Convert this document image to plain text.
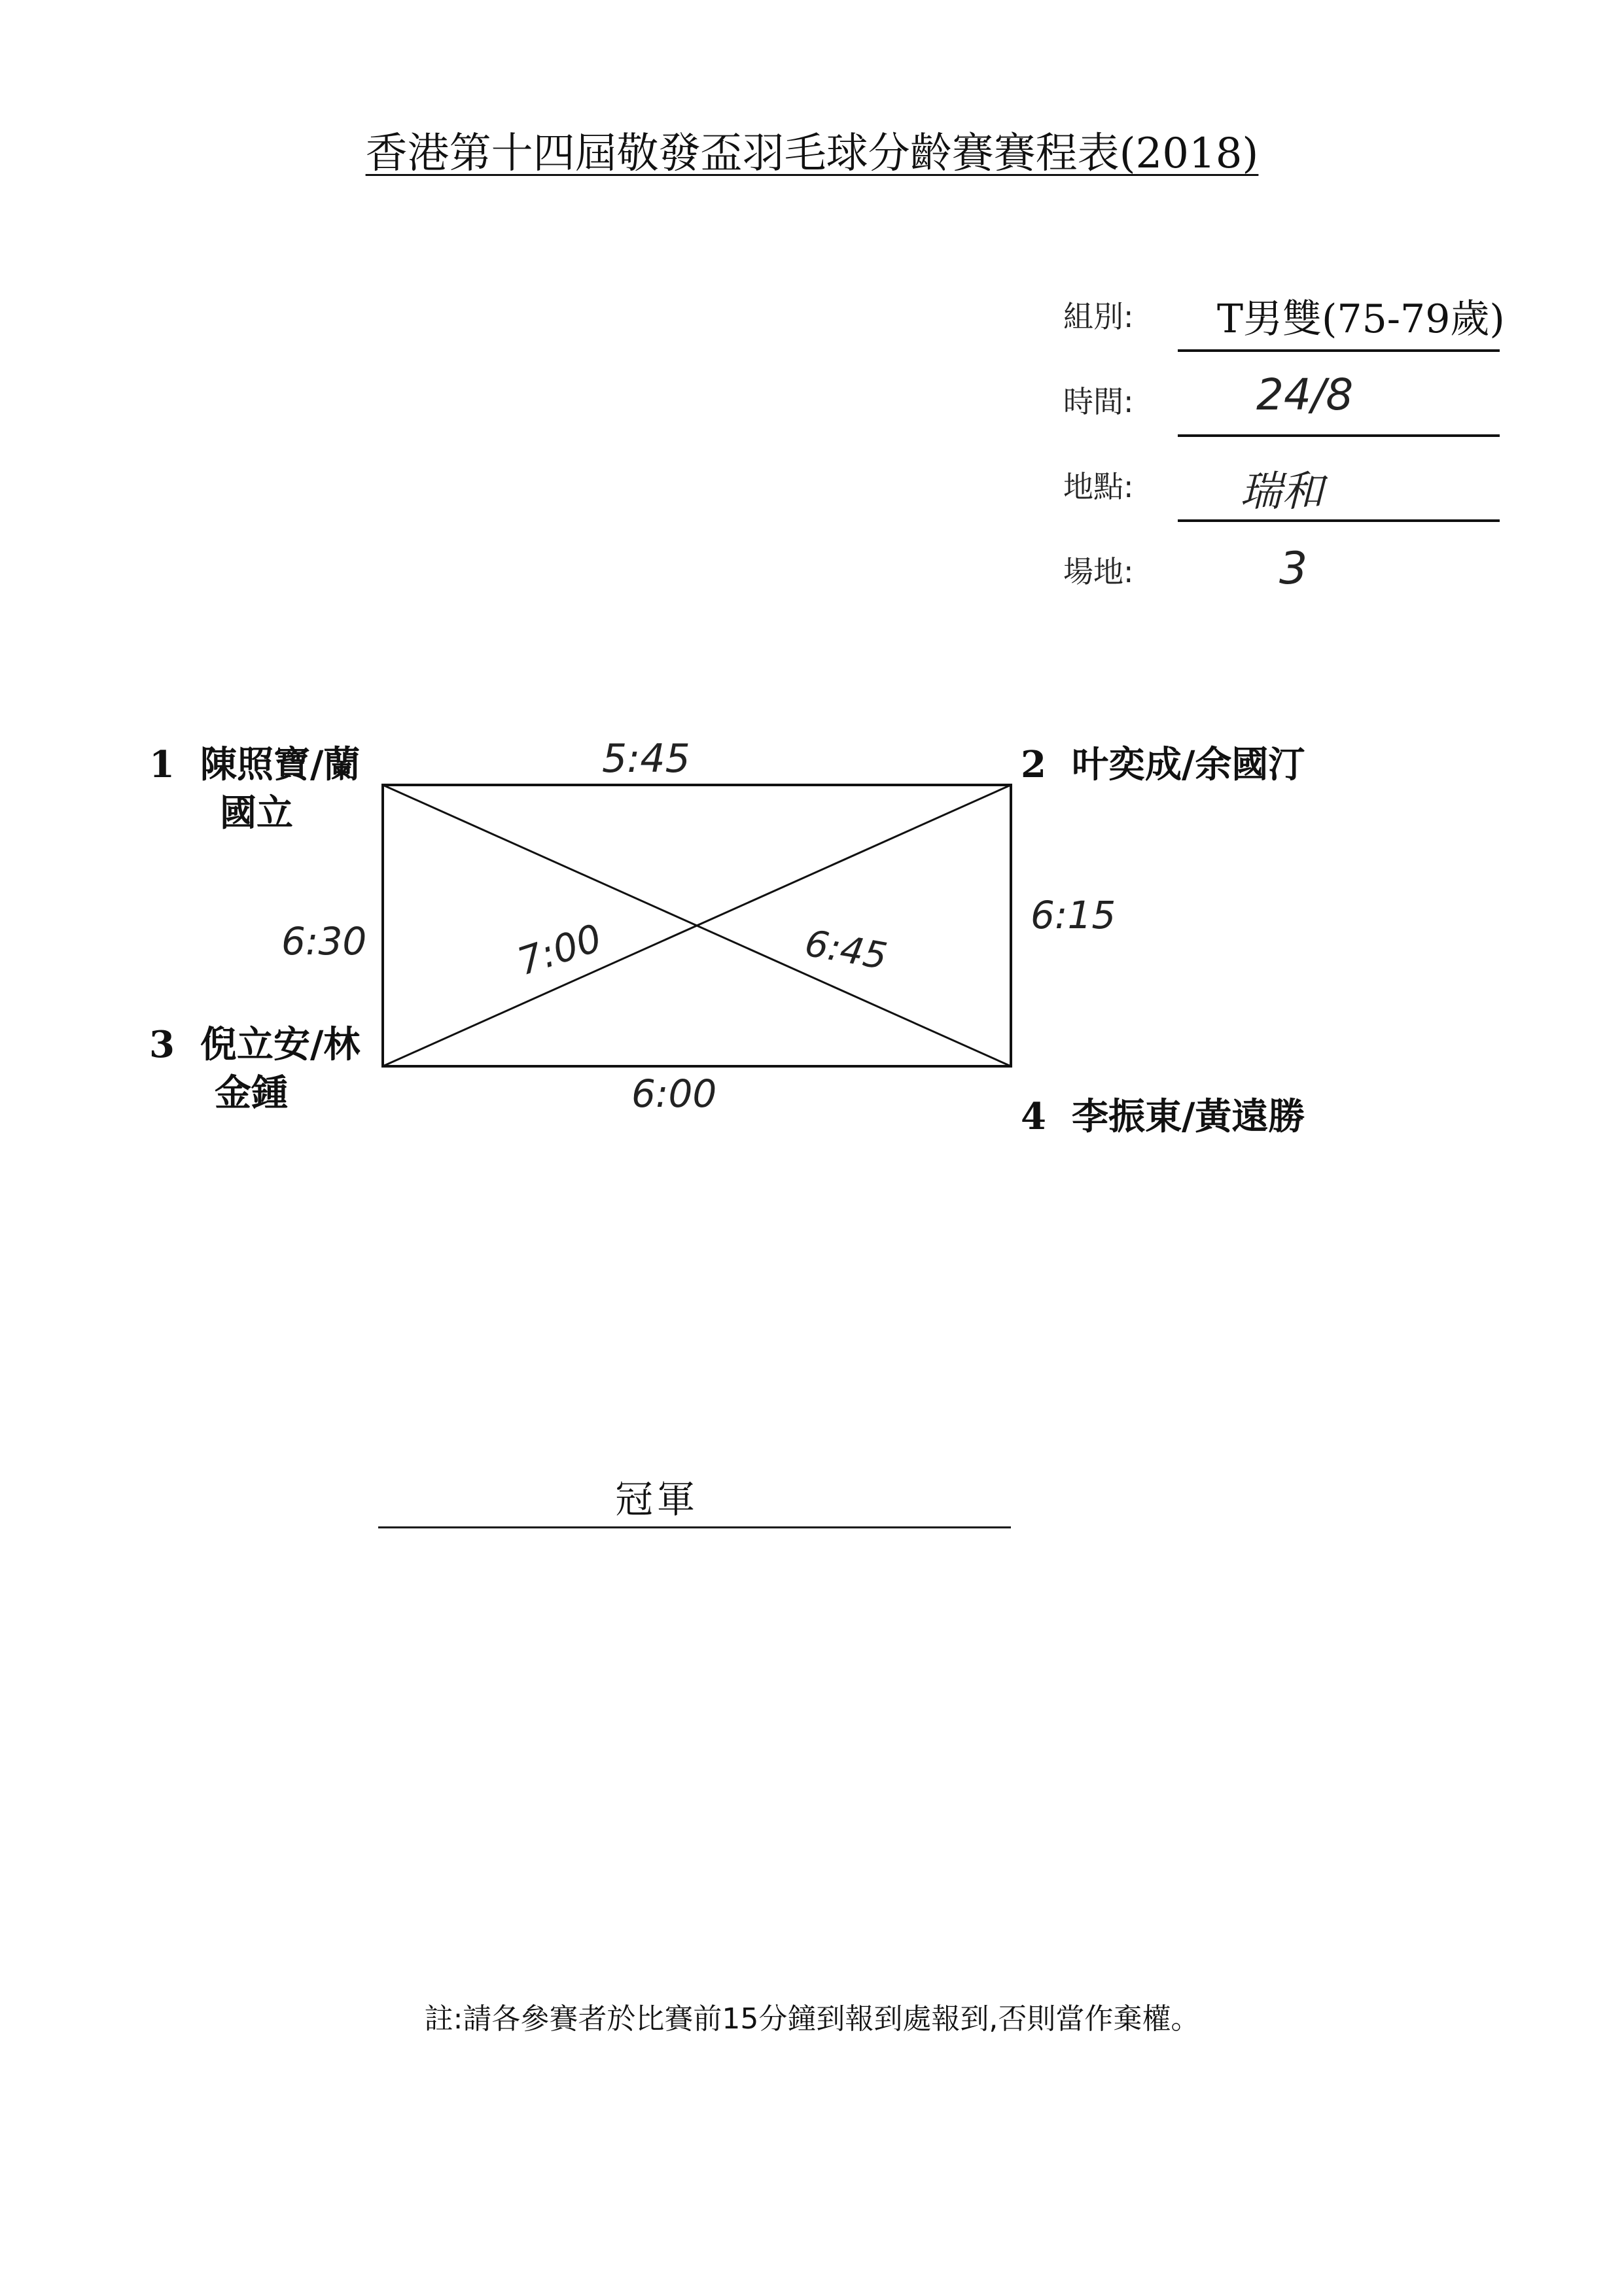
香港第十四屆敬發盃羽毛球分齡賽賽程表(2018)
組別: T男雙(75-79歲)
時間:	24/8
地點:	瑞和
場地:	3
1 陳照寶/蘭
國立
2 叶奕成/余國汀
3 倪立安/林
金鍾
4 李振東/黃遠勝
5:45
6:15
6:30
6:00
7:00	6:45
冠軍
註:請各參賽者於比賽前15分鐘到報到處報到,否則當作棄權。
